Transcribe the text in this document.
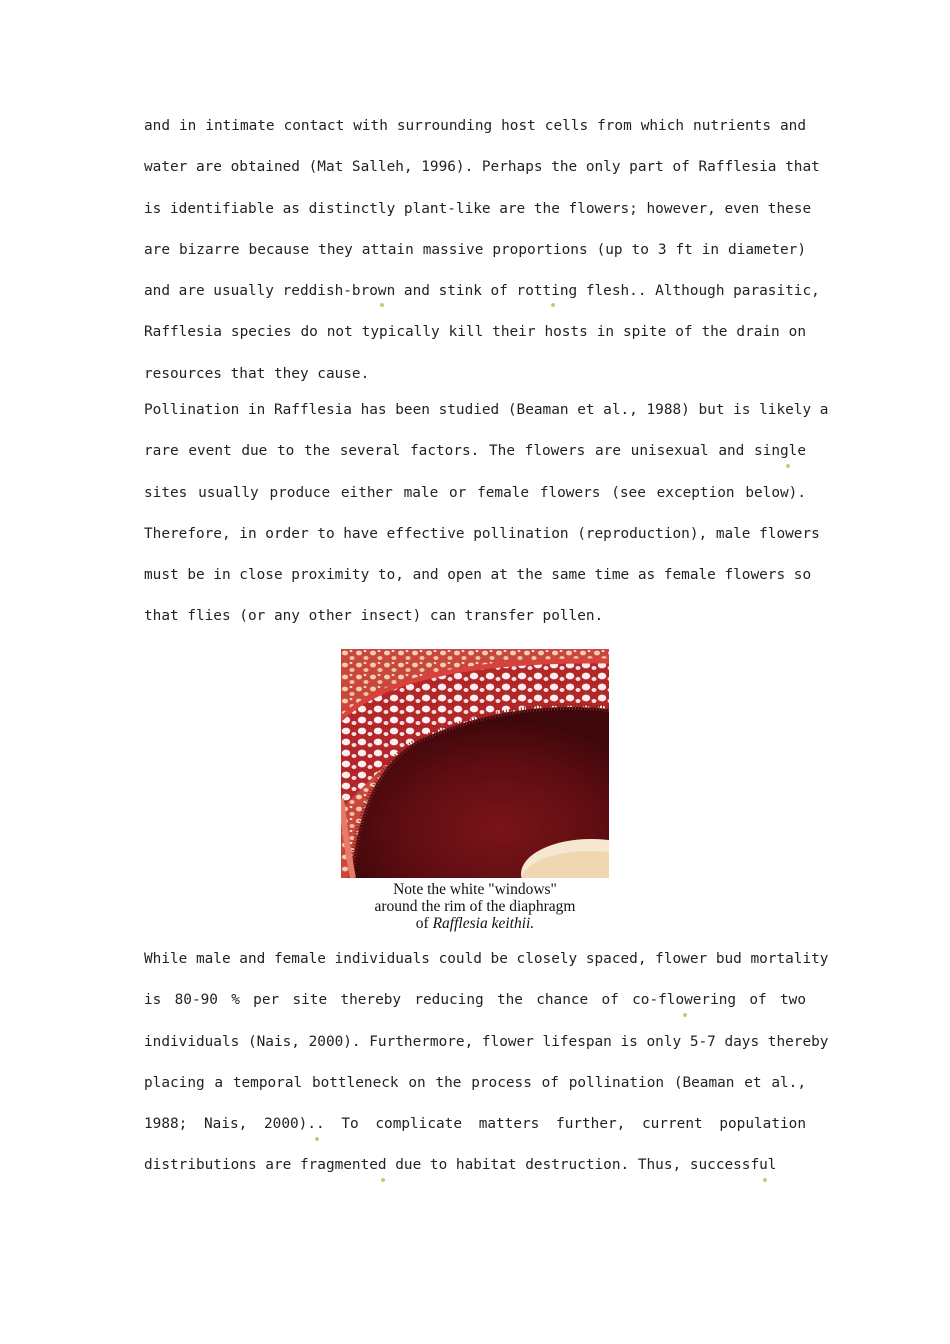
and in intimate contact with surrounding host cells from which nutrients and
water are obtained (Mat Salleh, 1996). Perhaps the only part of Rafflesia that
is identifiable as distinctly plant-like are the flowers; however, even these
are bizarre because they attain massive proportions (up to 3 ft in diameter)
and are usually reddish-brown and stink of rotting flesh.. Although parasitic,
Rafflesia species do not typically kill their hosts in spite of the drain on
resources that they cause.
Pollination in Rafflesia has been studied (Beaman et al., 1988) but is likely a
rare event due to the several factors. The flowers are unisexual and single
sites usually produce either male or female flowers (see exception below).
Therefore, in order to have effective pollination (reproduction), male flowers
must be in close proximity to, and open at the same time as female flowers so
that flies (or any other insect) can transfer pollen.
Note the white "windows"
around the rim of the diaphragm
of Rafflesia keithii.
While male and female individuals could be closely spaced, flower bud mortality
is 80-90 % per site thereby reducing the chance of co-flowering of two
individuals (Nais, 2000). Furthermore, flower lifespan is only 5-7 days thereby
placing a temporal bottleneck on the process of pollination (Beaman et al.,
1988; Nais, 2000).. To complicate matters further, current population
distributions are fragmented due to habitat destruction. Thus, successful
